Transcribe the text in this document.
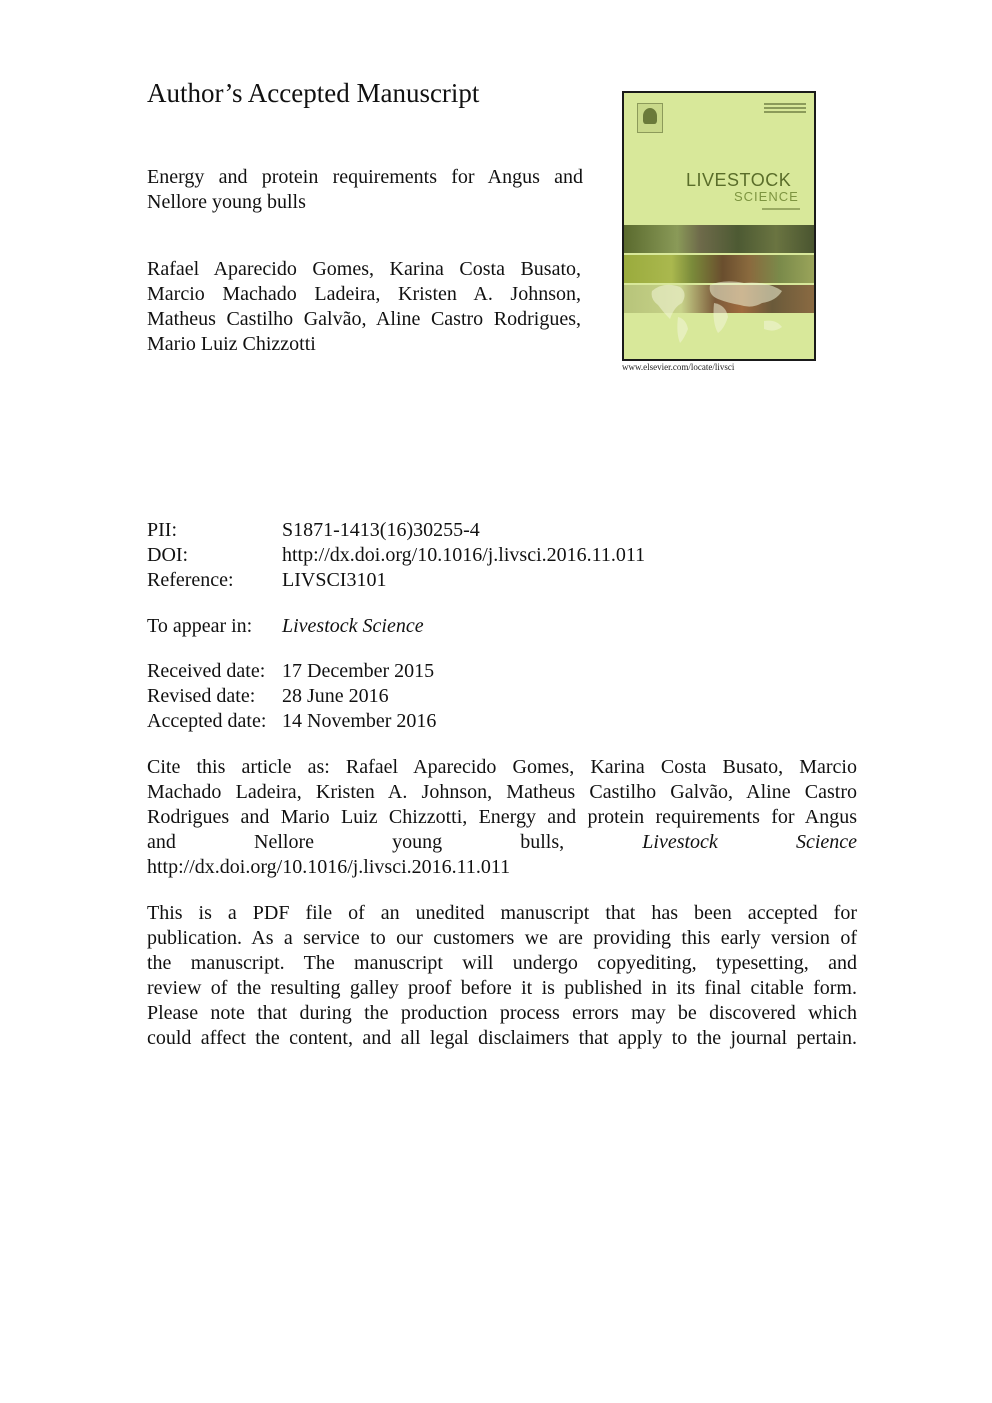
Author’s Accepted Manuscript
Energy and protein requirements for Angus and Nellore young bulls
Rafael Aparecido Gomes, Karina Costa Busato,
Marcio Machado Ladeira, Kristen A. Johnson,
Matheus Castilho Galvão, Aline Castro Rodrigues,
Mario Luiz Chizzotti
LIVESTOCK
SCIENCE
www.elsevier.com/locate/livsci
PII:	S1871-1413(16)30255-4
DOI:	http://dx.doi.org/10.1016/j.livsci.2016.11.011
Reference: LIVSCI3101
To appear in: Livestock Science
Received date: 17 December 2015
Revised date: 28 June 2016
Accepted date: 14 November 2016
Cite this article as: Rafael Aparecido Gomes, Karina Costa Busato, Marcio
Machado Ladeira, Kristen A. Johnson, Matheus Castilho Galvão, Aline Castro
Rodrigues and Mario Luiz Chizzotti, Energy and protein requirements for Angus
and Nellore young bulls,	Livestock Science
http://dx.doi.org/10.1016/j.livsci.2016.11.011
This is a PDF file of an unedited manuscript that has been accepted for
publication. As a service to our customers we are providing this early version of
the manuscript. The manuscript will undergo copyediting, typesetting, and
review of the resulting galley proof before it is published in its final citable form.
Please note that during the production process errors may be discovered which
could affect the content, and all legal disclaimers that apply to the journal pertain.
